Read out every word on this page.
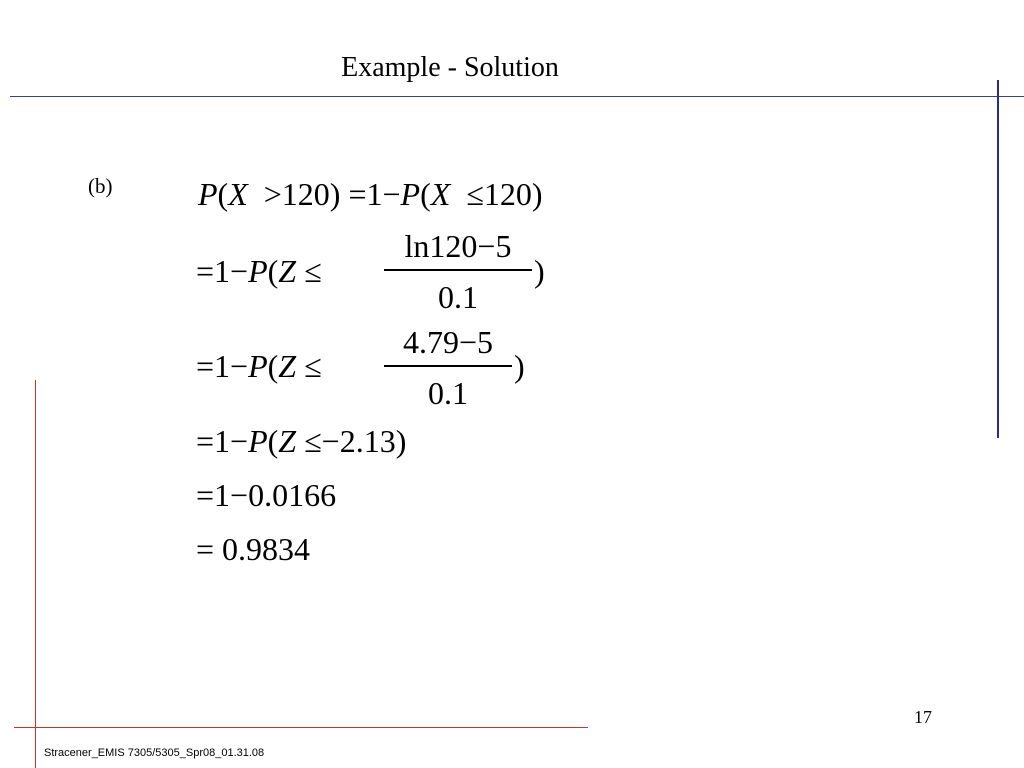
Example - Solution
(b)	P(X >120) =1−P(X ≤120)
=1−P(Z ≤
ln120−5
0.1
)
=1−P(Z ≤
4.79−5
0.1
)
=1−P(Z ≤−2.13)
=1−0.0166
= 0.9834
17
Stracener_EMIS 7305/5305_Spr08_01.31.08
